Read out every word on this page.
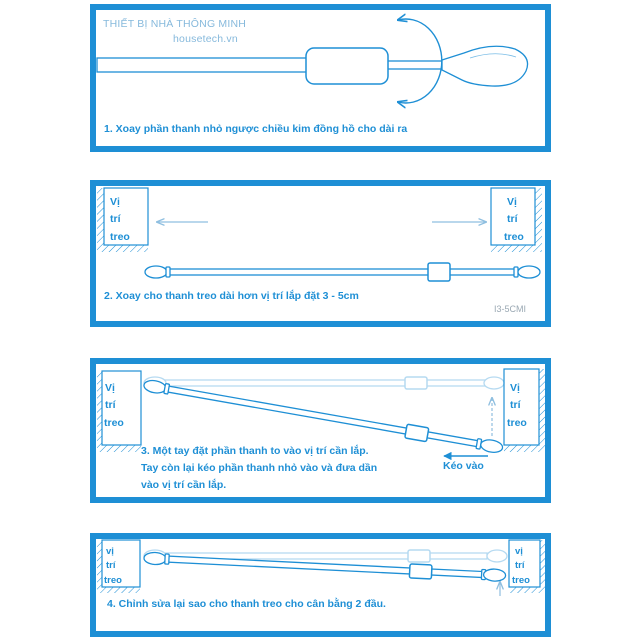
THIẾT BỊ NHÀ THÔNG MINH
housetech.vn
1. Xoay phần thanh nhỏ ngược chiều kim đồng hồ cho dài ra
Vị
trí
treo
Vị
trí
treo
2. Xoay cho thanh treo dài hơn vị trí lắp đặt 3 - 5cm
I3-5CMI
Vị
trí
treo
Vị
trí
treo
Kéo vào
3. Một tay đặt phần thanh to vào vị trí cần lắp.
Tay còn lại kéo phần thanh nhỏ vào và đưa dần
vào vị trí cần lắp.
vị
trí
treo
vị
trí
treo
4. Chỉnh sửa lại sao cho thanh treo cho cân bằng 2 đầu.
